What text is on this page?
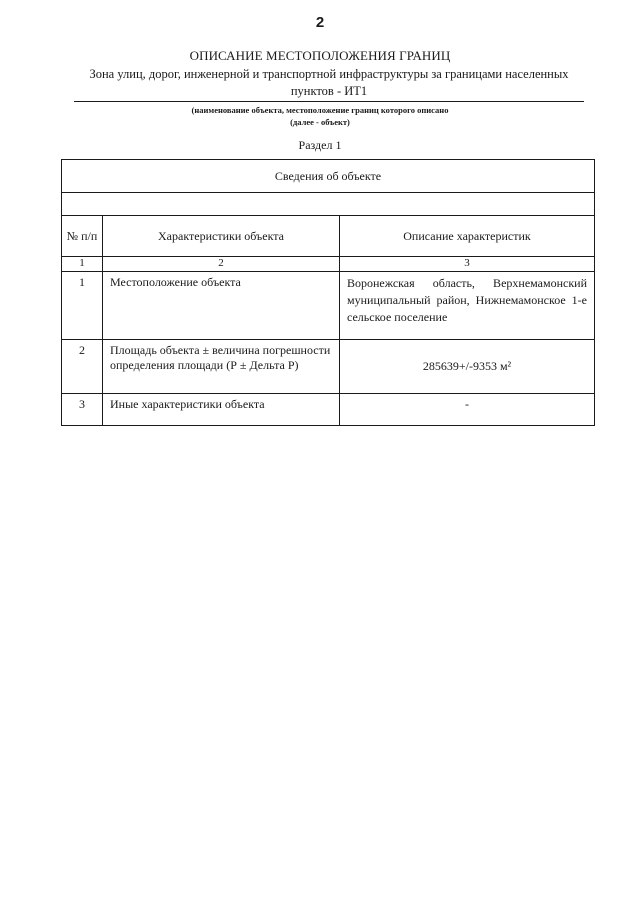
2
ОПИСАНИЕ МЕСТОПОЛОЖЕНИЯ ГРАНИЦ
Зона улиц, дорог, инженерной и транспортной инфраструктуры за границами населенных
пунктов - ИТ1
(наименование объекта, местоположение границ которого описано
(далее - объект)
Раздел 1
Сведения об объекте		

№ п/п	Характеристики объекта	Описание характеристик
1	2	3
1	Местоположение объекта	Воронежская область, Верхнемамонский муниципальный район, Нижнемамонское 1-е сельское поселение
2	Площадь объекта ± величина погрешности определения площади (Р ± Дельта Р)	285639+/-9353 м²
3	Иные характеристики объекта	-
